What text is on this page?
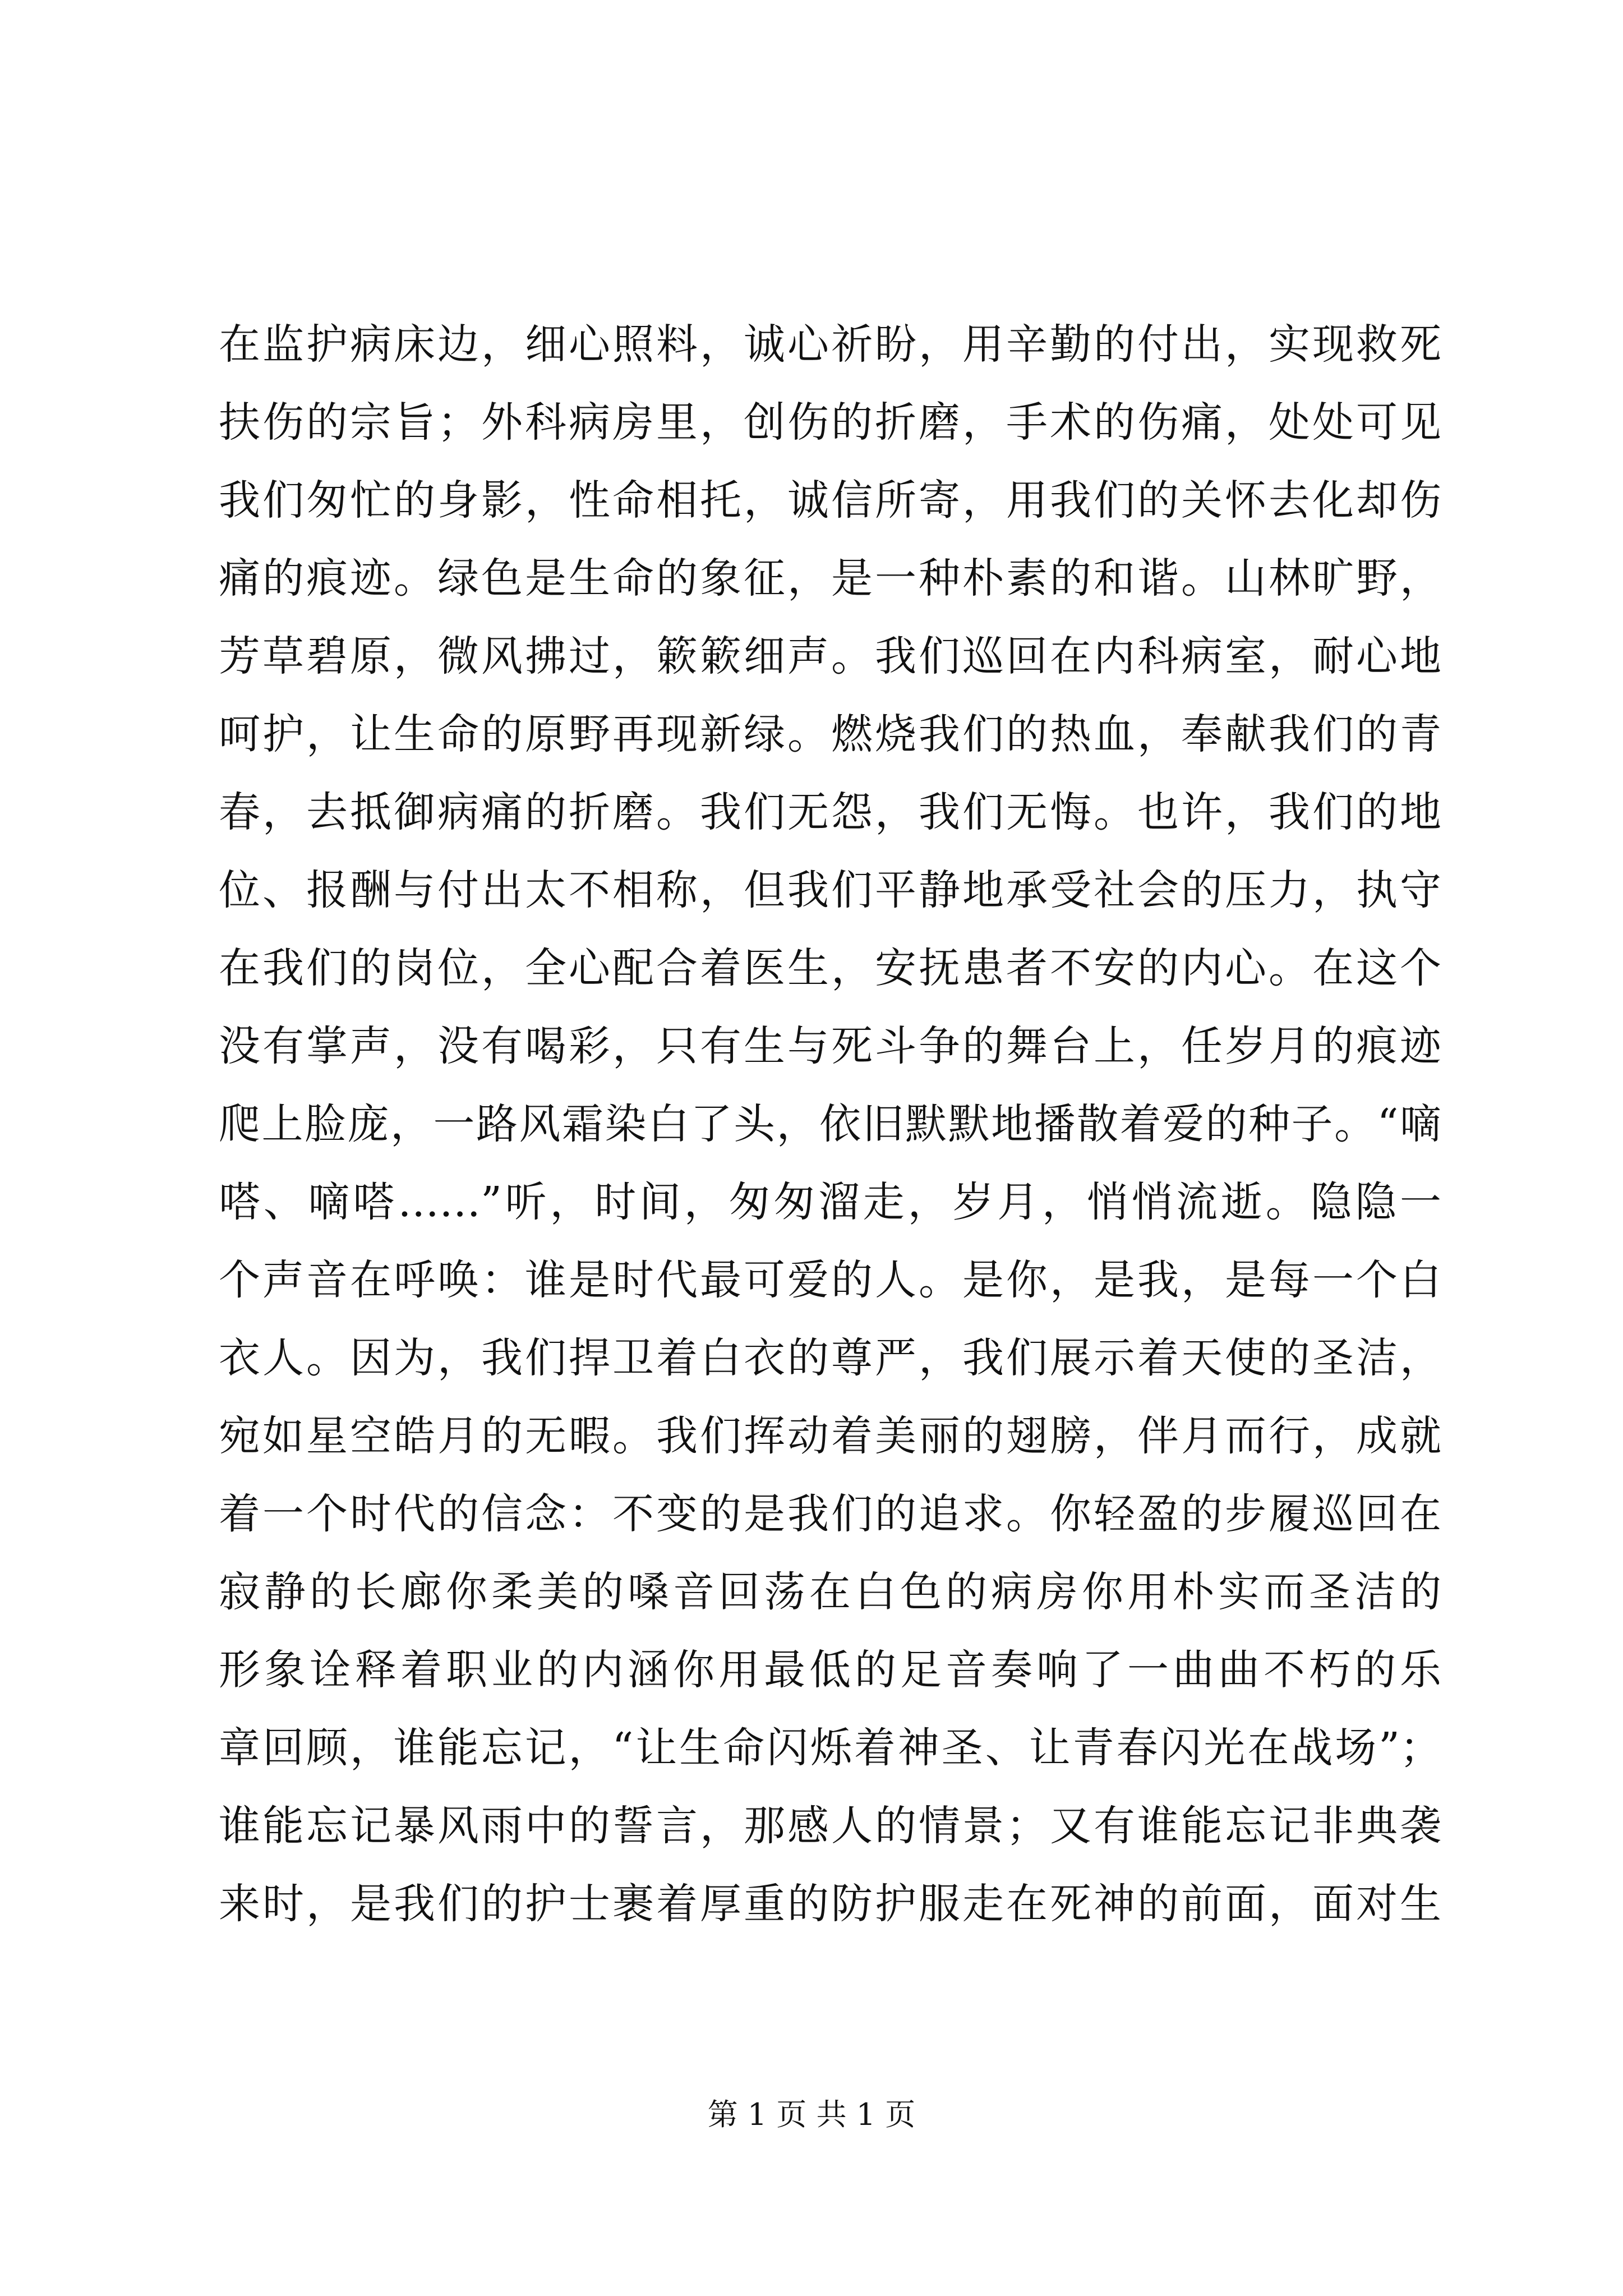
在监护病床边，细心照料，诚心祈盼，用辛勤的付出，实现救死
扶伤的宗旨；外科病房里，创伤的折磨，手术的伤痛，处处可见
我们匆忙的身影，性命相托，诚信所寄，用我们的关怀去化却伤
痛的痕迹。绿色是生命的象征，是一种朴素的和谐。山林旷野，
芳草碧原，微风拂过，簌簌细声。我们巡回在内科病室，耐心地
呵护，让生命的原野再现新绿。燃烧我们的热血，奉献我们的青
春，去抵御病痛的折磨。我们无怨，我们无悔。也许，我们的地
位、报酬与付出太不相称，但我们平静地承受社会的压力，执守
在我们的岗位，全心配合着医生，安抚患者不安的内心。在这个
没有掌声，没有喝彩，只有生与死斗争的舞台上，任岁月的痕迹
爬上脸庞，一路风霜染白了头，依旧默默地播散着爱的种子。“嘀
嗒、嘀嗒……”听，时间，匆匆溜走，岁月，悄悄流逝。隐隐一
个声音在呼唤：谁是时代最可爱的人。是你，是我，是每一个白
衣人。因为，我们捍卫着白衣的尊严，我们展示着天使的圣洁，
宛如星空皓月的无暇。我们挥动着美丽的翅膀，伴月而行，成就
着一个时代的信念：不变的是我们的追求。你轻盈的步履巡回在
寂静的长廊你柔美的嗓音回荡在白色的病房你用朴实而圣洁的
形象诠释着职业的内涵你用最低的足音奏响了一曲曲不朽的乐
章回顾，谁能忘记，“让生命闪烁着神圣、让青春闪光在战场”；
谁能忘记暴风雨中的誓言，那感人的情景；又有谁能忘记非典袭
来时，是我们的护士裹着厚重的防护服走在死神的前面，面对生
第 1 页 共 1 页
